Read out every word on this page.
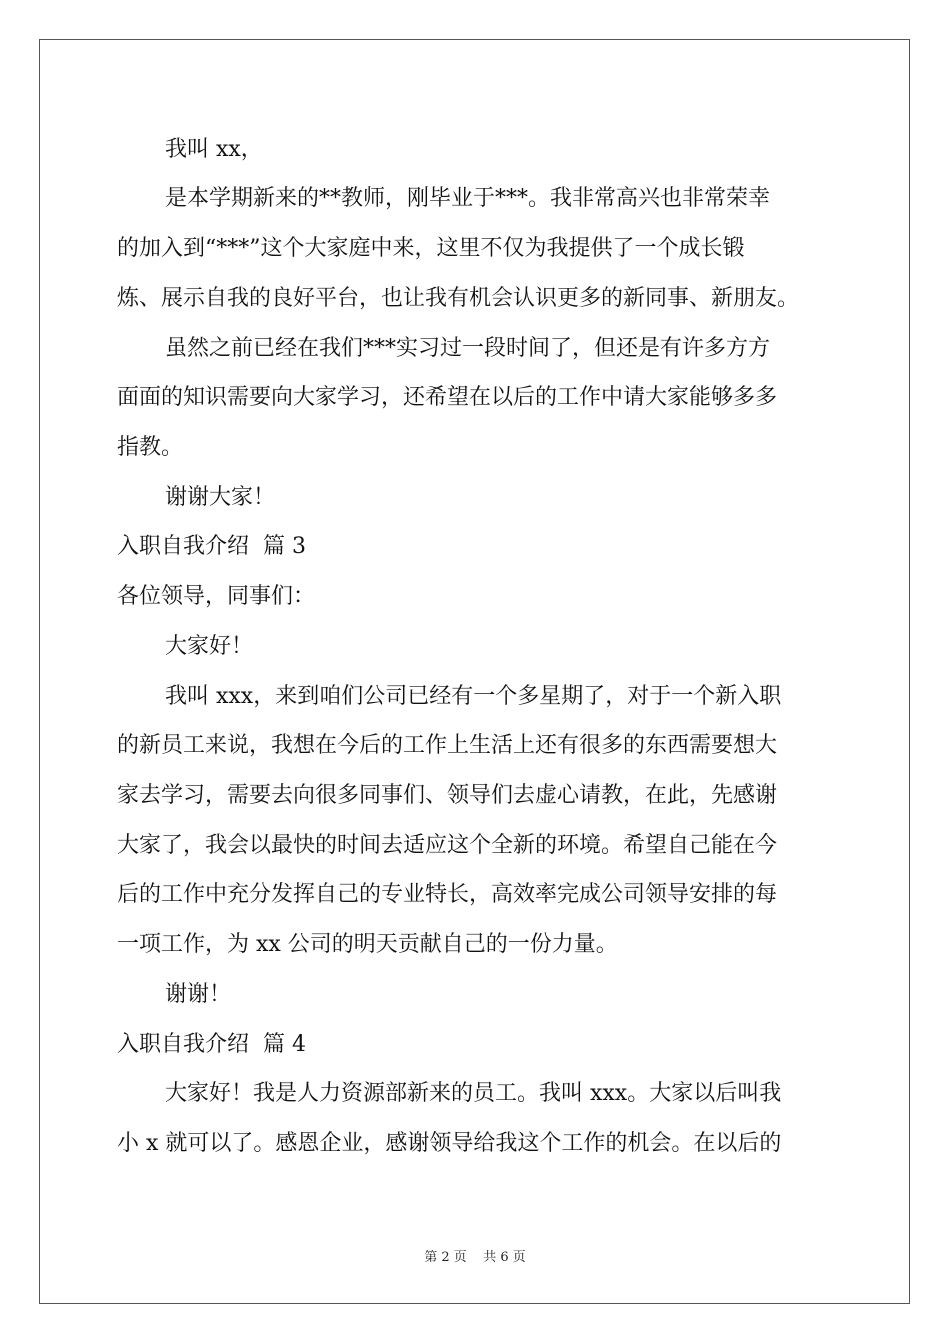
我叫 xx，
是本学期新来的**教师，刚毕业于***。我非常高兴也非常荣幸
的加入到“***”这个大家庭中来，这里不仅为我提供了一个成长锻
炼、展示自我的良好平台，也让我有机会认识更多的新同事、新朋友。
虽然之前已经在我们***实习过一段时间了，但还是有许多方方
面面的知识需要向大家学习，还希望在以后的工作中请大家能够多多
指教。
谢谢大家！
入职自我介绍  篇 3
各位领导，同事们：
大家好！
我叫 xxx，来到咱们公司已经有一个多星期了，对于一个新入职
的新员工来说，我想在今后的工作上生活上还有很多的东西需要想大
家去学习，需要去向很多同事们、领导们去虚心请教，在此，先感谢
大家了，我会以最快的时间去适应这个全新的环境。希望自己能在今
后的工作中充分发挥自己的专业特长，高效率完成公司领导安排的每
一项工作，为 xx 公司的明天贡献自己的一份力量。
谢谢！
入职自我介绍  篇 4
大家好！我是人力资源部新来的员工。我叫 xxx。大家以后叫我
小 x 就可以了。感恩企业，感谢领导给我这个工作的机会。在以后的
第 2 页    共 6 页
